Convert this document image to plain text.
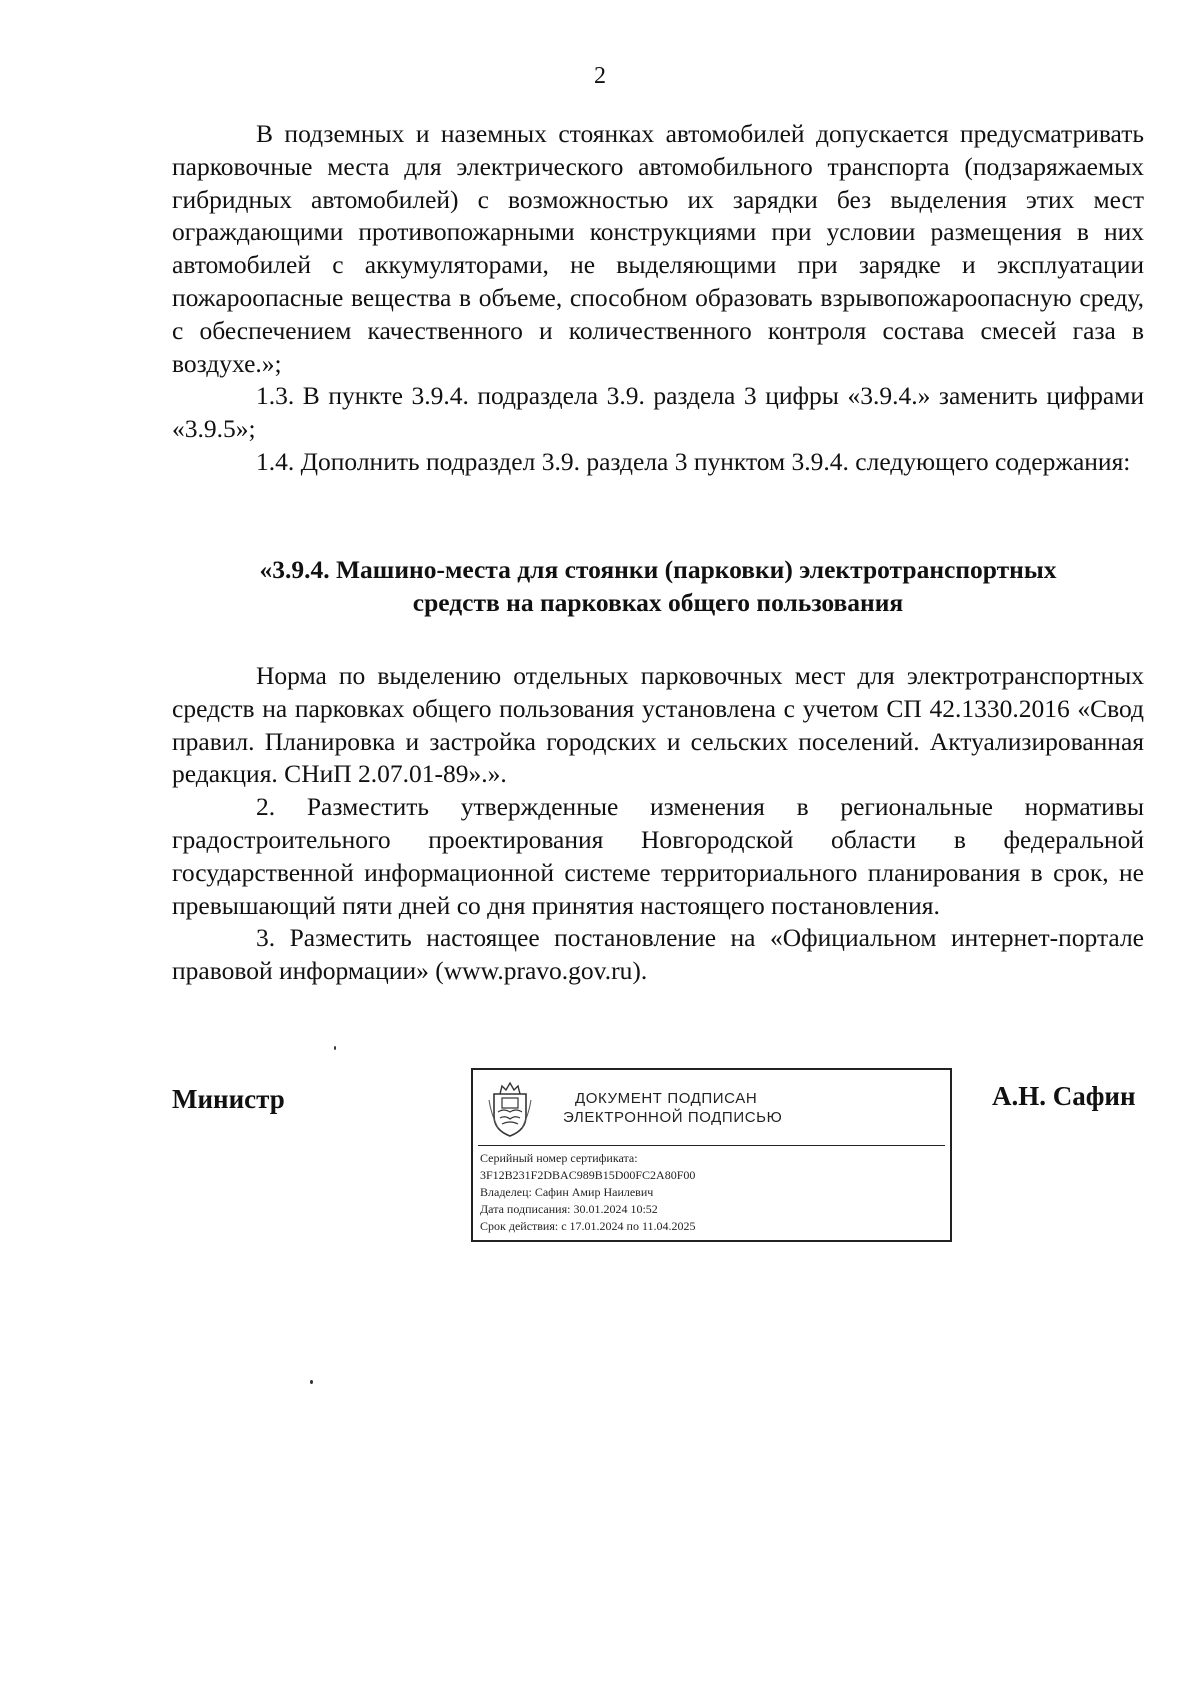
2

В подземных и наземных стоянках автомобилей допускается предусматривать парковочные места для электрического автомобильного транспорта (подзаряжаемых гибридных автомобилей) с возможностью их зарядки без выделения этих мест ограждающими противопожарными конструкциями при условии размещения в них автомобилей с аккумуляторами, не выделяющими при зарядке и эксплуатации пожароопасные вещества в объеме, способном образовать взрывопожароопасную среду, с обеспечением качественного и количественного контроля состава смесей газа в воздухе.»;

1.3. В пункте 3.9.4. подраздела 3.9. раздела 3 цифры «3.9.4.» заменить цифрами «3.9.5»;

1.4. Дополнить подраздел 3.9. раздела 3 пунктом 3.9.4. следующего содержания:

«3.9.4. Машино-места для стоянки (парковки) электротранспортных
средств на парковках общего пользования

Норма по выделению отдельных парковочных мест для электротранспортных средств на парковках общего пользования установлена с учетом СП 42.1330.2016 «Свод правил. Планировка и застройка городских и сельских поселений. Актуализированная редакция. СНиП 2.07.01-89».».

2. Разместить утвержденные изменения в региональные нормативы градостроительного проектирования Новгородской области в федеральной государственной информационной системе территориального планирования в срок, не превышающий пяти дней со дня принятия настоящего постановления.

3. Разместить настоящее постановление на «Официальном интернет-портале правовой информации» (www.pravo.gov.ru).

Министр	ДОКУМЕНТ ПОДПИСАН
ЭЛЕКТРОННОЙ ПОДПИСЬЮ
Серийный номер сертификата:
3F12B231F2DBAC989B15D00FC2A80F00
Владелец: Сафин Амир Наилевич
Дата подписания: 30.01.2024 10:52
Срок действия: с 17.01.2024 по 11.04.2025
А.Н. Сафин
